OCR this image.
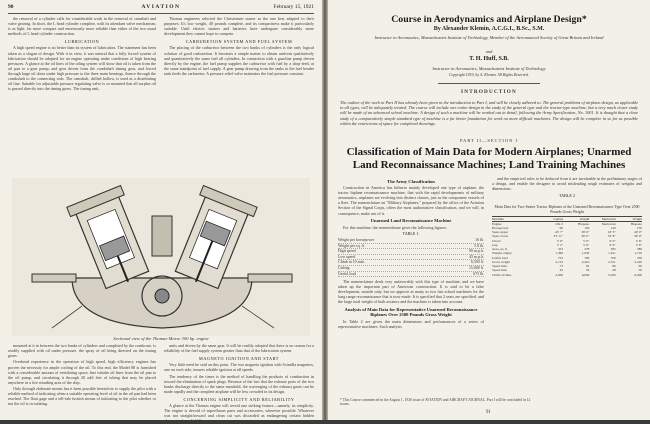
90	AVIATION	February 15, 1921

the removal of a cylinder calls for considerable work in the removal of camshaft and valve gearing. In short, the L head cylinder complete, with its attendant valve mechanism, is as light, far more compact and enormously more reliable than either of the two usual methods of L head cylinder construction.

LUBRICATION

A high speed engine is no better than its system of lubrication. The statement has been taken as a slogan of design. With it in view, it was natural that a fully forced system of lubrication should be adopted for an engine operating under conditions of high bearing pressures. A glance at the oil lines of the oiling system will show that oil is taken from the oil pan to a gear pump, and gear driven from the crankshaft timing gear, and forced through large oil ducts under high pressure to the three main bearings, thence through the crankshaft to the connecting rods. The camshaft, drilled hollow, is used as a distributing oil line. Suitable for adjustable pressure regulating valve is so mounted that all surplus oil is passed directly into the timing gears. The timing unit,

Thomas engineers selected the Christensen starter as the one best adapted to their purposes. It's low weight, 40 pounds complete, and its compactness make it particularly suitable. Until electric starters and batteries have undergone considerably more development they cannot hope to compete.

CARBURETION SYSTEM AND FUEL SYSTEM

The placing of the carburetor between the two banks of cylinders is the only logical solution of good carburetion. It becomes a simple matter to obtain uniform qualitatively and quantitatively the same fuel all cylinders. In connection with a gasoline pump driven directly by the engine, the fuel pump supplies the carburetor with fuel by a drop-feed, at the same standpoint of fuel supply. A gear pump drawing from the tanks to the fuel header tank feeds the carburetor. A pressure relief valve maintains the fuel pressure constant.

Sectional view of the Thomas-Morse 300 hp. engine

mounted at it in between the two banks of cylinders and completed by the crankcase, is readily supplied with oil under pressure, the spray of oil being directed on the timing gears.

Overhead experience in the operation of high speed, high efficiency engines has proven the necessity for ample cooling of the oil. To this end, the Model 88 is furnished with a considerable amount of ventilating space; fine tubular oil lines from the oil pan to the oil pump, and circulating it through 20 odd feet of tubing that may be placed anywhere in a fire retarding area of the ship.

Only through elaborate means has it been possible heretofore to supply the pilot with a reliable method of indicating when a suitable operating level of oil in the oil pan had been reached. The float gage and a tell-tale furnish means of indicating to the pilot whether or not the oil is circulating.

units and driven by the same gear. It will be readily adopted that there is no reason for a reliability of the fuel supply system greater than that of the lubrication system.

MAGNETO IGNITION AND START

Very little need be said on this point. The two magneto ignition with Scintilla magnetos, one on each side, insures reliable ignition at all speeds.

The tendency of the times is the method of handling the products of combustion in toward the elimination of spark plugs. Because of the fact that the exhaust ports of the two banks discharge directly to the same manifold, the scavenging of the exhaust gases can be made rapidly and the complete airplane will be less crowded in its design.

CONCERNING SIMPLICITY AND RELIABILITY

A glance at the Thomas engine will reveal one striking feature—namely, its simplicity. The engine is devoid of superfluous parts and accessories, wherever possible. Whatever was not straightforward and clean cut was discarded as endangering certain hidden elements of unreliability.

Course in Aerodynamics and Airplane Design*
By Alexander Klemin, A.C.G.I., B.Sc., S.M.
Instructor in Aeronautics, Massachusetts Institute of Technology, Member of the Aeronautical Society of Great Britain and Ireland
and
T. H. Huff, S.B.
Instructor in Aeronautics, Massachusetts Institute of Technology
Copyright 1919, by A. Klemin. All Rights Reserved.
INTRODUCTION
The outline of the work in Part II has already been given in the introduction to Part I, and will be closely adhered to. The general problems of airplane design, as applicable to all types, will be adequately treated. The course will include one entire design in the study of the general type and the tractor-type machine, but a very much closer study will be made of an advanced school machine. A design of such a machine will be worked out in detail, following the Army Specification, No. 1001. It is thought that a close study of a comparatively simple standard type of machine is a far better foundation for work on more difficult machines. The design will be complete in so far as possible within the restrictions of space for completed drawings.
PART II—SECTION I
Classification of Main Data for Modern Airplanes; Unarmed Land Reconnaissance Machines; Land Training Machines
The Army Classification

Construction in America has hitherto mainly developed one type of airplane, the tractor biplane reconnaissance machine, that with the rapid developments of military aeronautics, airplanes are evolving into distinct classes, just as the component vessels of a fleet. The nomenclature on "Military Airplanes," prepared by the office of the Aviation Section of the Signal Corps, offers the most authoritative classification, and we will, in consequence, make use of it.

Unarmed Land Reconnaissance Machine

For this machine, the nomenclature gives the following figures:

TABLE 1.
Weight per horsepower	16 lb.
Weight per sq. ft.	5.8 lb.
High speed	90 m.p.h.
Low speed	45 m.p.h.
Climb in 10 min.	6,500 ft.
Ceiling	15,000 ft.
Useful load	675 lb.

The nomenclature deals very unfavorably with this type of machine, and we have taken up the important part of American construction. It is said to be a false development, outside only, but we approve as many as two fast school machines for the long range reconnaissance that is now made. It is specified that 2 seats are specified, and the large total weight of both aviators and the machine is taken into account.

Analysis of Main Data for Representative Unarmed Reconnaissance Biplanes Over 2500 Pounds Gross Weight

In Table 2 are given the main dimensions and performances of a series of representative machines. Such analysis

and the empirical rules to be deduced from it are invaluable in the preliminary stages of a design, and enable the designer to avoid misleading rough estimates of weights and dimensions.

TABLE 2
Main Data for Two-Seater Tractor Biplanes of the Unarmed Reconnaissance Type Over 2500 Pounds Gross Weight
Machine	Curtiss	Wright	Sturtevant	Wright
Engine	OX-5	Hispano	Sturtevant	Hispano
Horsepower	90	150	140	150
Span, upper	43' 7"	38' 0"	43' 3"	40' 0"
Span, lower	33' 11"	36' 0"	33' 8"	36' 0"
Chord	5' 0"	5' 6"	6' 0"	5' 6"
Gap	5' 2"	5' 6"	6' 0"	5' 6"
Area, sq. ft.	353	378	385	389
Weight, empty	1,390	1,650	1,611	1,710
Useful load	725	760	700	700
Gross weight	2,115	2,410	2,311	2,410
Speed max.	75	92	86	90
Speed min.	45	50	48	50
Climb 10 min.	4,000	6,000	5,500	6,200
* This Course commenced in the August 1, 1920 issue of AVIATION and AIRCRAFT JOURNAL. Part I will be concluded in 12 issues.
91
